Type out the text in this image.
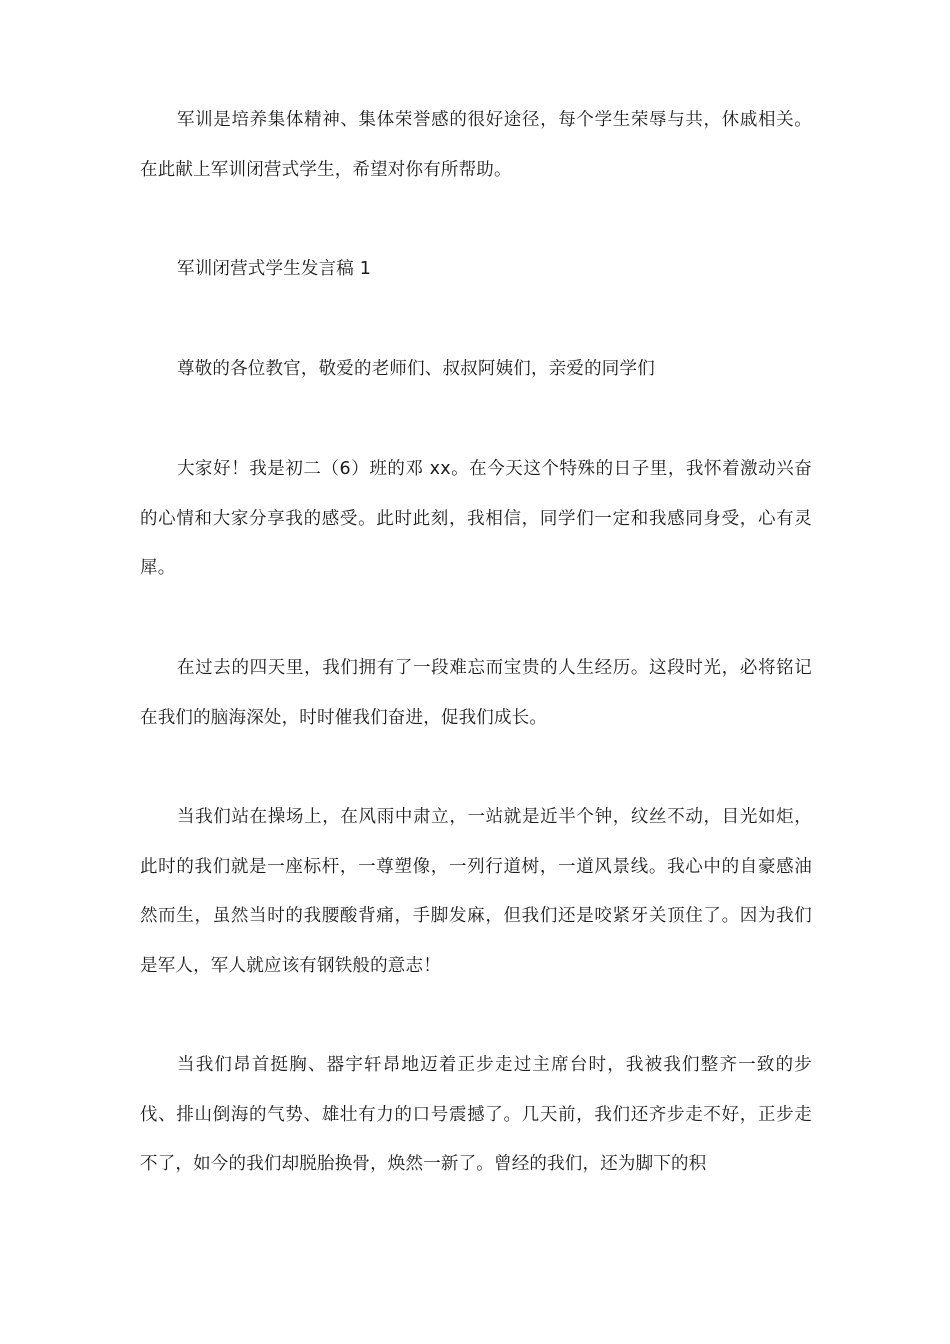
军训是培养集体精神、集体荣誉感的很好途径，每个学生荣辱与共，休戚相关。在此献上军训闭营式学生，希望对你有所帮助。

军训闭营式学生发言稿 1

尊敬的各位教官，敬爱的老师们、叔叔阿姨们，亲爱的同学们

大家好！我是初二（6）班的邓 xx。在今天这个特殊的日子里，我怀着激动兴奋的心情和大家分享我的感受。此时此刻，我相信，同学们一定和我感同身受，心有灵犀。

在过去的四天里，我们拥有了一段难忘而宝贵的人生经历。这段时光，必将铭记在我们的脑海深处，时时催我们奋进，促我们成长。

当我们站在操场上，在风雨中肃立，一站就是近半个钟，纹丝不动，目光如炬，此时的我们就是一座标杆，一尊塑像，一列行道树，一道风景线。我心中的自豪感油然而生，虽然当时的我腰酸背痛，手脚发麻，但我们还是咬紧牙关顶住了。因为我们是军人，军人就应该有钢铁般的意志！

当我们昂首挺胸、器宇轩昂地迈着正步走过主席台时，我被我们整齐一致的步伐、排山倒海的气势、雄壮有力的口号震撼了。几天前，我们还齐步走不好，正步走不了，如今的我们却脱胎换骨，焕然一新了。曾经的我们，还为脚下的积
